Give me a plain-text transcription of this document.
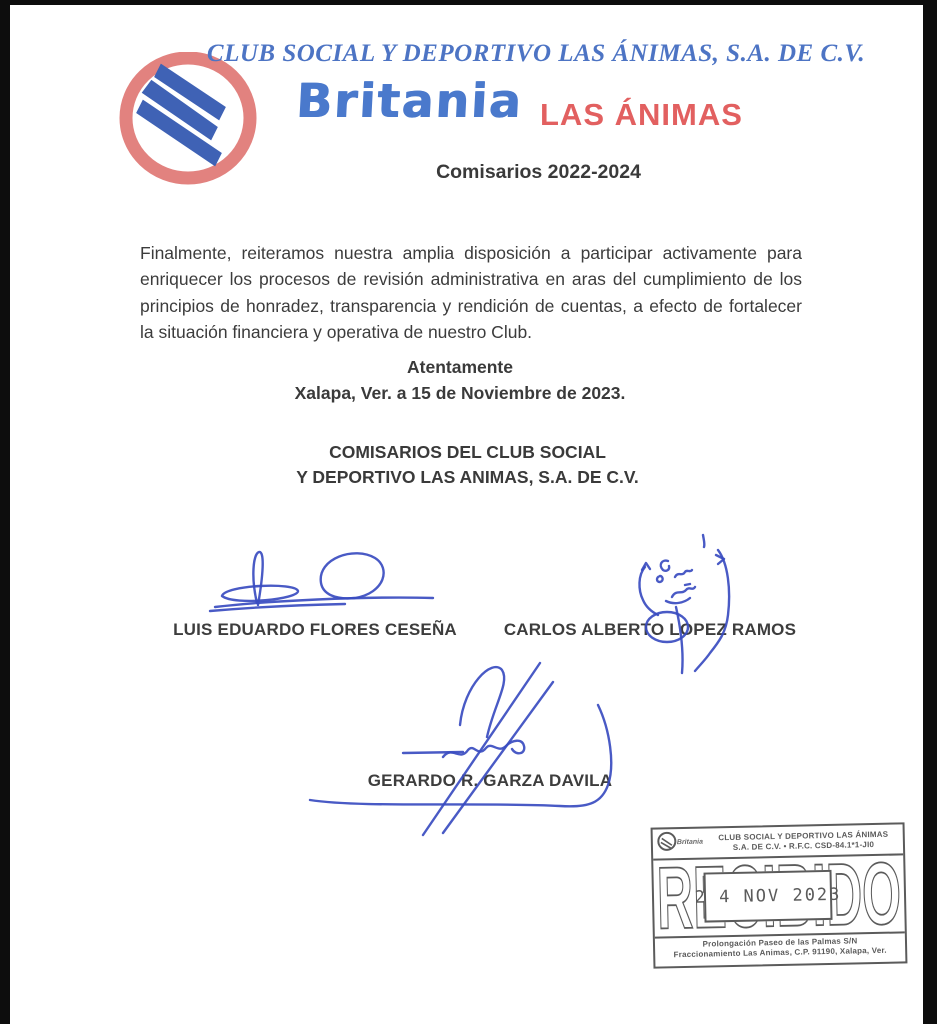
CLUB SOCIAL Y DEPORTIVO LAS ÁNIMAS, S.A. DE C.V.
Britania LAS ÁNIMAS
Comisarios 2022-2024

Finalmente, reiteramos nuestra amplia disposición a participar activamente para enriquecer los procesos de revisión administrativa en aras del cumplimiento de los principios de honradez, transparencia y rendición de cuentas, a efecto de fortalecer la situación financiera y operativa de nuestro Club.

Atentamente
Xalapa, Ver. a 15 de Noviembre de 2023.
COMISARIOS DEL CLUB SOCIAL
Y DEPORTIVO LAS ANIMAS, S.A. DE C.V.
LUIS EDUARDO FLORES CESEÑA	CARLOS ALBERTO LOPEZ RAMOS
GERARDO R. GARZA DAVILA
Britania
CLUB SOCIAL Y DEPORTIVO LAS ÁNIMAS
S.A. DE C.V. • R.F.C. CSD-84.1*1-JI0
2 4 NOV 2023
Prolongación Paseo de las Palmas S/N
Fraccionamiento Las Animas, C.P. 91190, Xalapa, Ver.
